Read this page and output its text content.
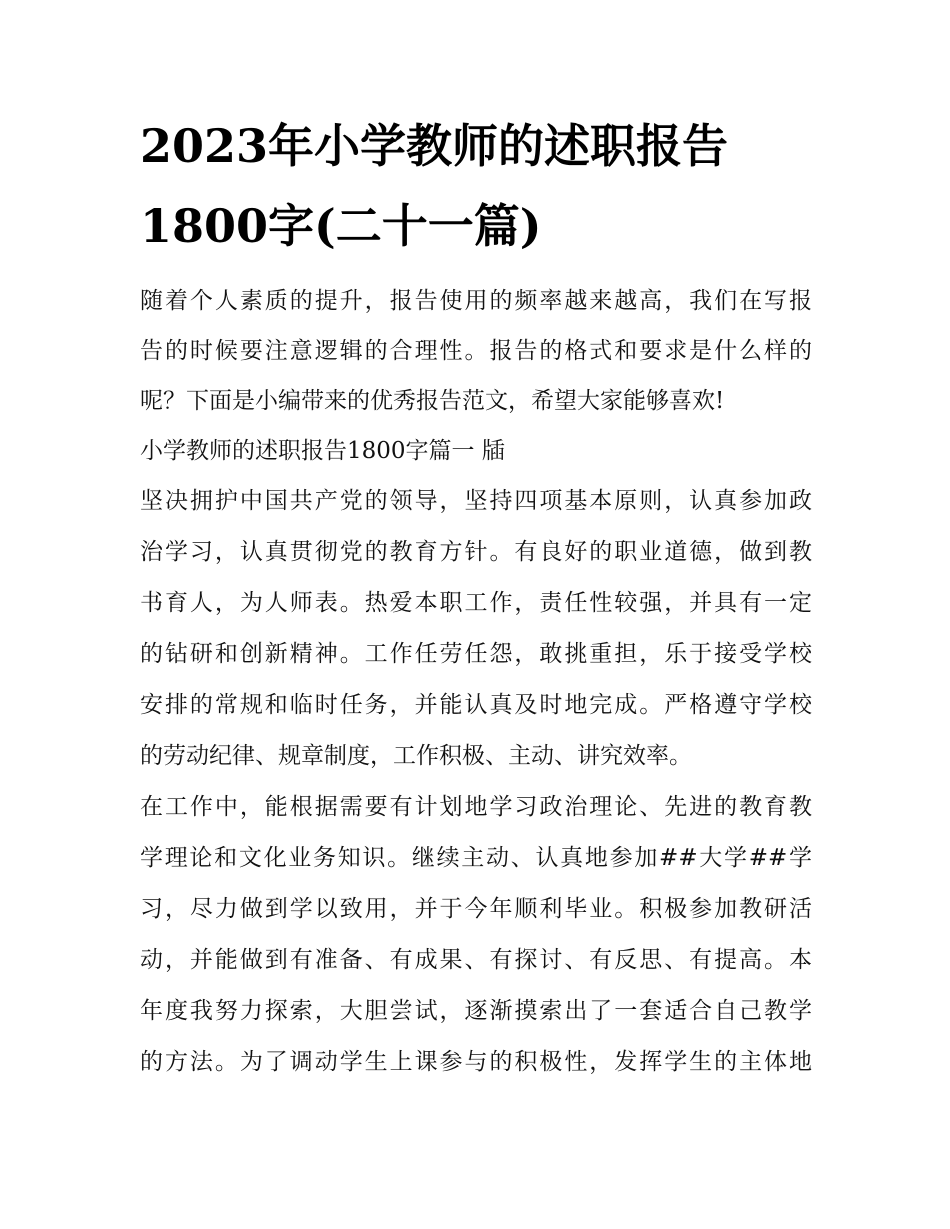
2023年小学教师的述职报告
1800字(二十一篇)

随着个人素质的提升，报告使用的频率越来越高，我们在写报

告的时候要注意逻辑的合理性。报告的格式和要求是什么样的

呢？下面是小编带来的优秀报告范文，希望大家能够喜欢!

小学教师的述职报告1800字篇一 牐

坚决拥护中国共产党的领导，坚持四项基本原则，认真参加政

治学习，认真贯彻党的教育方针。有良好的职业道德，做到教

书育人，为人师表。热爱本职工作，责任性较强，并具有一定

的钻研和创新精神。工作任劳任怨，敢挑重担，乐于接受学校

安排的常规和临时任务，并能认真及时地完成。严格遵守学校

的劳动纪律、规章制度，工作积极、主动、讲究效率。

在工作中，能根据需要有计划地学习政治理论、先进的教育教

学理论和文化业务知识。继续主动、认真地参加##大学##学

习，尽力做到学以致用，并于今年顺利毕业。积极参加教研活

动，并能做到有准备、有成果、有探讨、有反思、有提高。本

年度我努力探索，大胆尝试，逐渐摸索出了一套适合自己教学

的方法。为了调动学生上课参与的积极性，发挥学生的主体地
